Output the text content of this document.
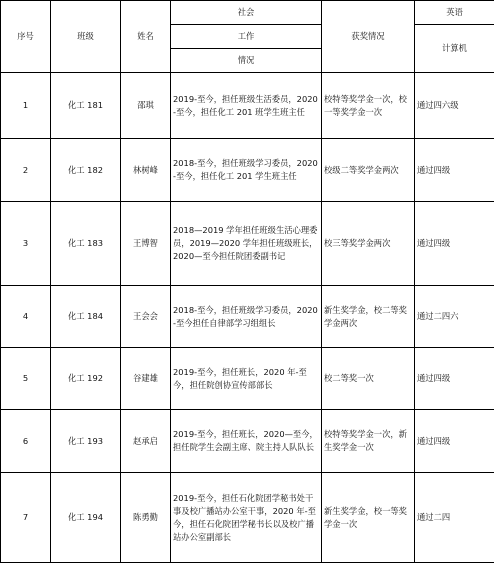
序号	班级	姓名	社会	获奖情况	英语
			工作		计算机
			情况		
1	化工 181	邵琪	2019-至今，担任班级生活委员，2020-至今，担任化工 201 班学生班主任	校特等奖学金一次，校一等奖学金一次	通过四六级
2	化工 182	林树峰	2018-至今，担任班级学习委员，2020-至今，担任化工 201 学生班主任	校级二等奖学金两次	通过四级
3	化工 183	王博智	2018—2019 学年担任班级生活心理委员，2019—2020 学年担任班级班长，2020—至今担任院团委副书记	校三等奖学金两次	通过四级
4	化工 184	王会会	2018-至今，担任班级学习委员，2020-至今担任自律部学习组组长	新生奖学金，校二等奖学金两次	通过二四六
5	化工 192	谷建雄	2019-至今，担任班长，2020 年-至今，担任院创协宣传部部长	校二等奖一次	通过四级
6	化工 193	赵承启	2019-至今，担任班长，2020—至今，担任院学生会副主席、院主持人队队长	校特等奖学金一次，新生奖学金一次	通过四级
7	化工 194	陈勇勤	2019-至今，担任石化院团学秘书处干事及校广播站办公室干事，2020 年-至今，担任石化院团学秘书长以及校广播站办公室副部长	新生奖学金，校一等奖学金一次	通过二四
